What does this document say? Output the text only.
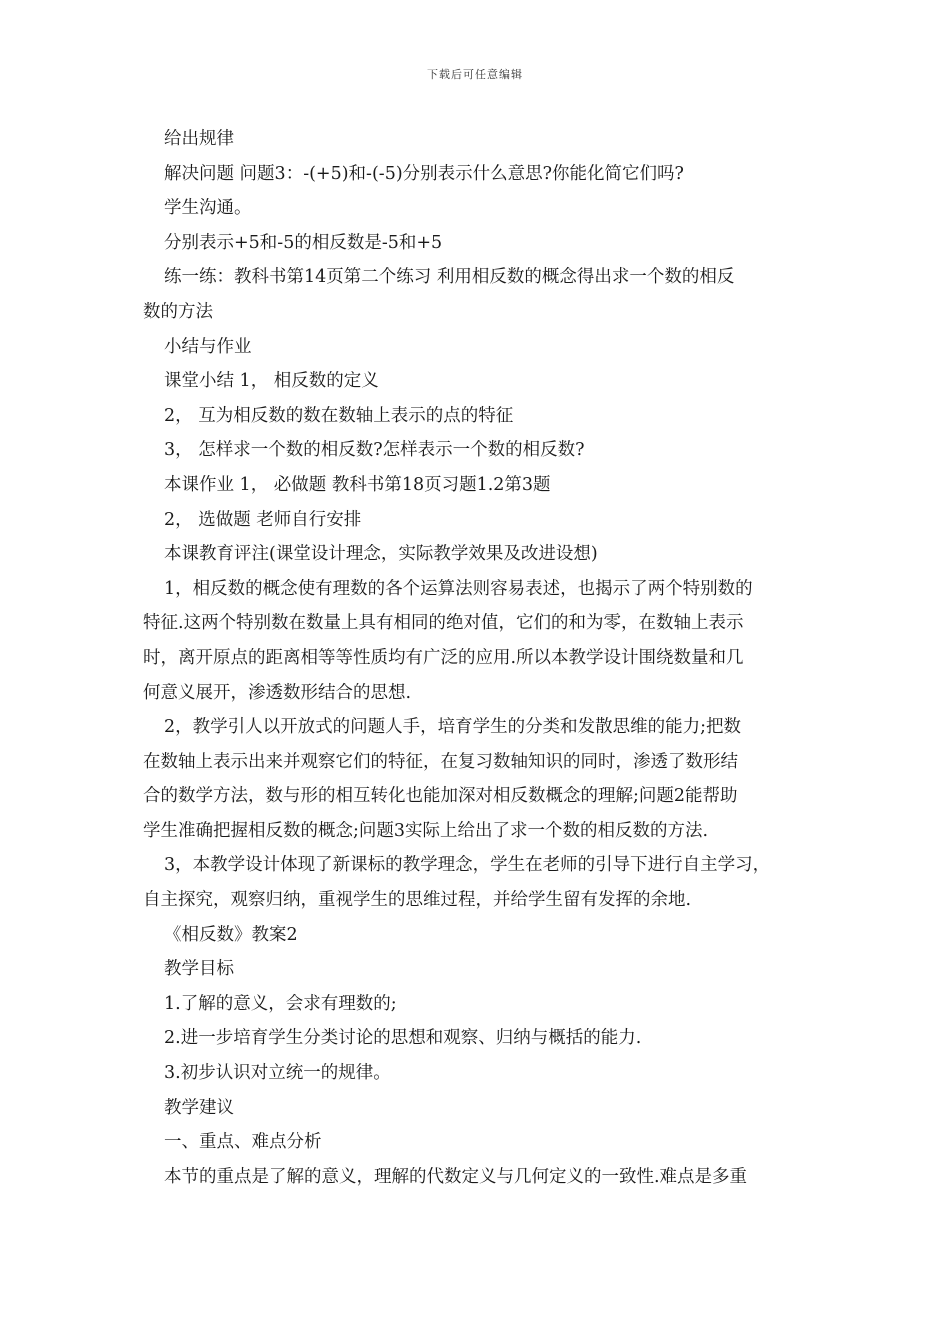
下载后可任意编辑
给出规律
解决问题 问题3：-(+5)和-(-5)分别表示什么意思?你能化简它们吗?
学生沟通。
分别表示+5和-5的相反数是-5和+5
练一练：教科书第14页第二个练习 利用相反数的概念得出求一个数的相反
数的方法
小结与作业
课堂小结 1， 相反数的定义
2， 互为相反数的数在数轴上表示的点的特征
3， 怎样求一个数的相反数?怎样表示一个数的相反数?
本课作业 1， 必做题 教科书第18页习题1.2第3题
2， 选做题 老师自行安排
本课教育评注(课堂设计理念，实际教学效果及改进设想)
1，相反数的概念使有理数的各个运算法则容易表述，也揭示了两个特别数的
特征.这两个特别数在数量上具有相同的绝对值，它们的和为零，在数轴上表示
时，离开原点的距离相等等性质均有广泛的应用.所以本教学设计围绕数量和几
何意义展开，渗透数形结合的思想.
2，教学引人以开放式的问题人手，培育学生的分类和发散思维的能力;把数
在数轴上表示出来并观察它们的特征，在复习数轴知识的同时，渗透了数形结
合的数学方法，数与形的相互转化也能加深对相反数概念的理解;问题2能帮助
学生准确把握相反数的概念;问题3实际上给出了求一个数的相反数的方法.
3，本教学设计体现了新课标的教学理念，学生在老师的引导下进行自主学习，
自主探究，观察归纳，重视学生的思维过程，并给学生留有发挥的余地.
《相反数》教案2
教学目标
1.了解的意义，会求有理数的;
2.进一步培育学生分类讨论的思想和观察、归纳与概括的能力.
3.初步认识对立统一的规律。
教学建议
一、重点、难点分析
本节的重点是了解的意义，理解的代数定义与几何定义的一致性.难点是多重
